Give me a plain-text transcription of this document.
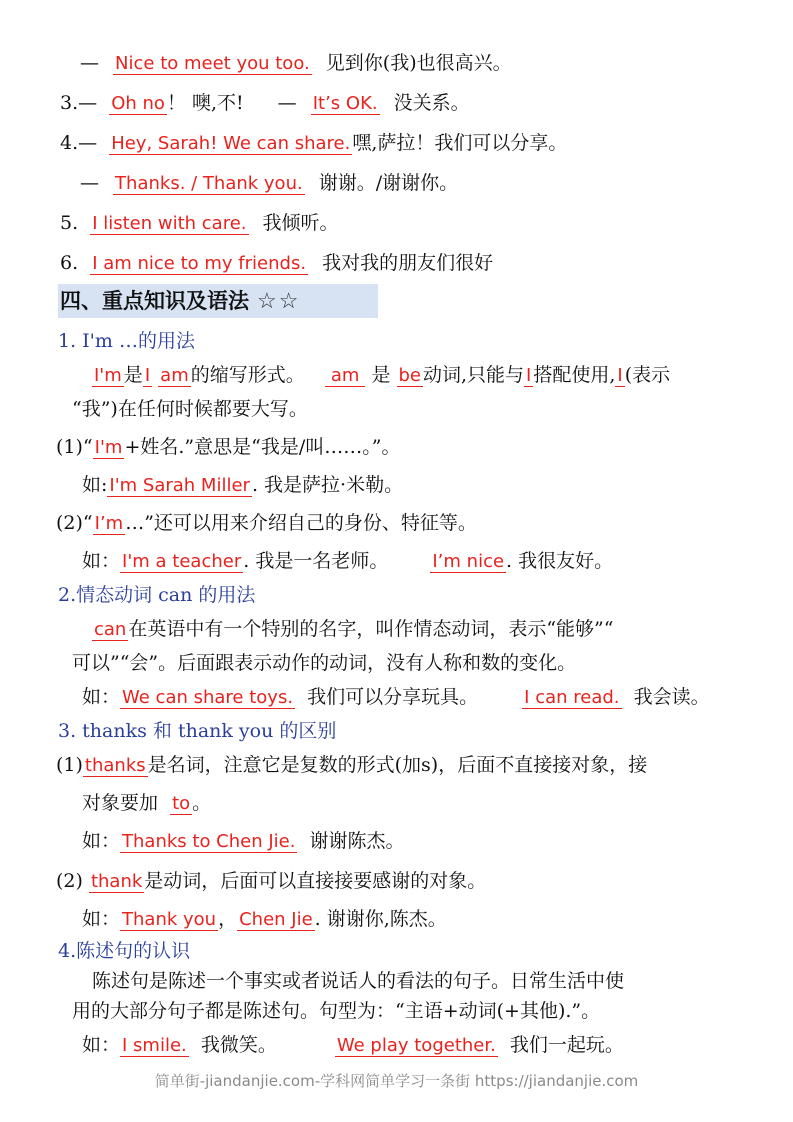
— Nice to meet you too. 见到你(我)也很高兴。
3.— Oh no ！ 噢,不! — It’s OK. 没关系。
4.— Hey, Sarah! We can share. 嘿,萨拉！我们可以分享。
— Thanks. / Thank you. 谢谢。/谢谢你。
5. I listen with care. 我倾听。
6. I am nice to my friends. 我对我的朋友们很好
四、重点知识及语法 ☆☆
1. I'm …的用法
I'm 是 I am 的缩写形式。 am 是 be 动词,只能与 I 搭配使用, I (表示
“我”)在任何时候都要大写。
(1)“ I'm +姓名.”意思是“我是/叫……。”。
如: I'm Sarah Miller . 我是萨拉·米勒。
(2)“ I’m …”还可以用来介绍自己的身份、特征等。
如： I'm a teacher . 我是一名老师。 I’m nice . 我很友好。
2.情态动词 can 的用法
can 在英语中有一个特别的名字，叫作情态动词，表示“能够”“
可以”“会”。后面跟表示动作的动词，没有人称和数的变化。
如： We can share toys. 我们可以分享玩具。	I can read. 我会读。
3. thanks 和 thank you 的区别
(1) thanks 是名词，注意它是复数的形式(加s)，后面不直接接对象，接
对象要加 to 。
如： Thanks to Chen Jie. 谢谢陈杰。
(2) thank 是动词，后面可以直接接要感谢的对象。
如： Thank you ， Chen Jie . 谢谢你,陈杰。
4.陈述句的认识
陈述句是陈述一个事实或者说话人的看法的句子。日常生活中使
用的大部分句子都是陈述句。句型为：“主语+动词(+其他).”。
如： I smile. 我微笑。	We play together. 我们一起玩。
简单街-jiandanjie.com-学科网简单学习一条街 https://jiandanjie.com
